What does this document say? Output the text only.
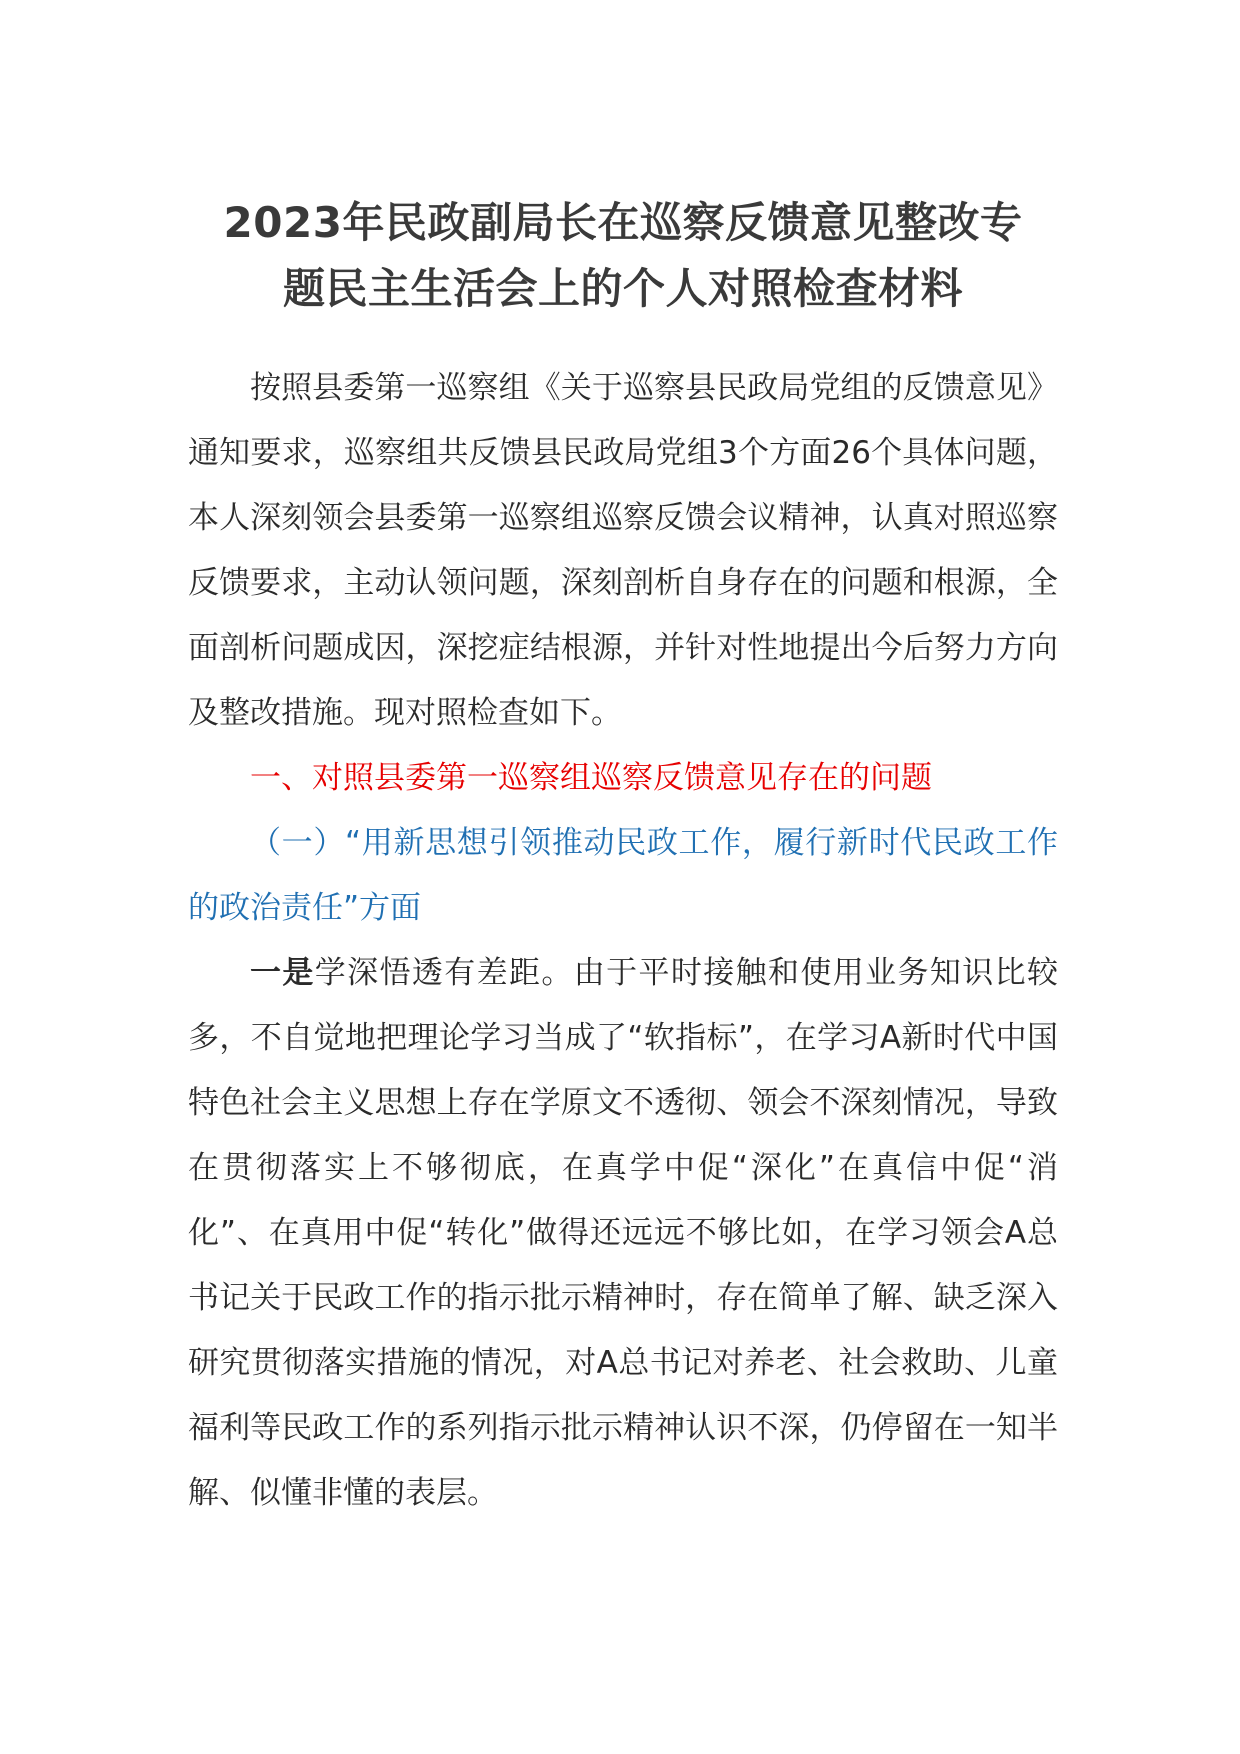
2023年民政副局长在巡察反馈意见整改专
题民主生活会上的个人对照检查材料

按照县委第一巡察组《关于巡察县民政局党组的反馈意见》通知要求，巡察组共反馈县民政局党组3个方面26个具体问题，本人深刻领会县委第一巡察组巡察反馈会议精神，认真对照巡察反馈要求，主动认领问题，深刻剖析自身存在的问题和根源，全面剖析问题成因，深挖症结根源，并针对性地提出今后努力方向及整改措施。现对照检查如下。

一、对照县委第一巡察组巡察反馈意见存在的问题

（一）“用新思想引领推动民政工作，履行新时代民政工作的政治责任”方面

一是学深悟透有差距。由于平时接触和使用业务知识比较多，不自觉地把理论学习当成了“软指标”，在学习A新时代中国特色社会主义思想上存在学原文不透彻、领会不深刻情况，导致在贯彻落实上不够彻底，在真学中促“深化”在真信中促“消化”、在真用中促“转化”做得还远远不够比如，在学习领会A总书记关于民政工作的指示批示精神时，存在简单了解、缺乏深入研究贯彻落实措施的情况，对A总书记对养老、社会救助、儿童福利等民政工作的系列指示批示精神认识不深，仍停留在一知半解、似懂非懂的表层。
